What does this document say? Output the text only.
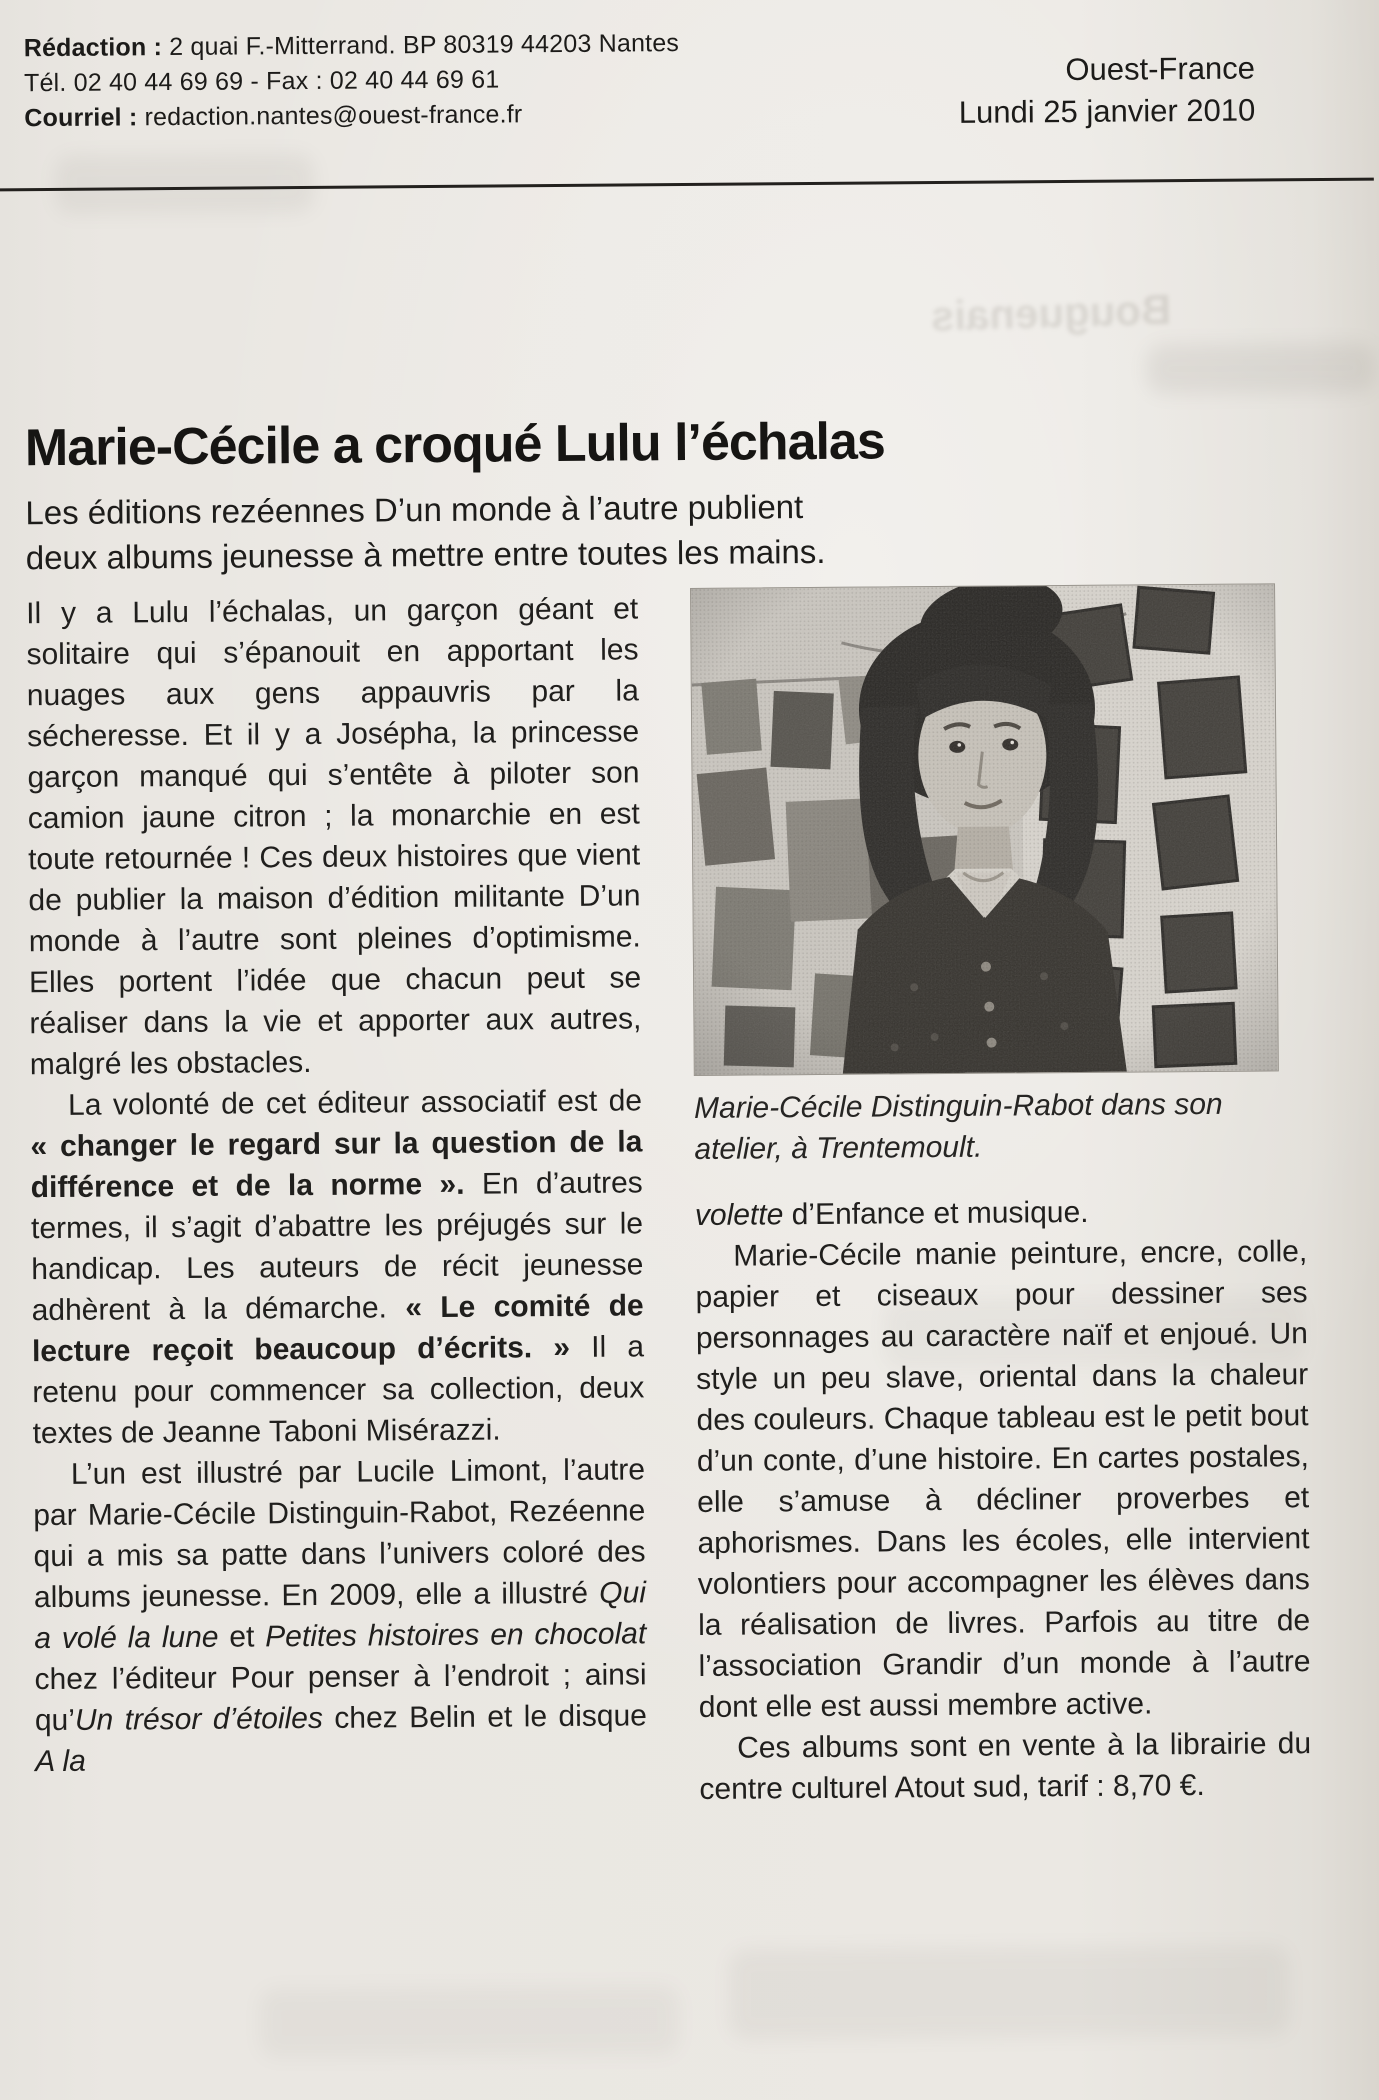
Bouguenais
Rédaction : 2 quai F.-Mitterrand. BP 80319 44203 Nantes
Tél. 02 40 44 69 69 - Fax : 02 40 44 69 61
Courriel : redaction.nantes@ouest-france.fr
Ouest-France
Lundi 25 janvier 2010
Marie-Cécile a croqué Lulu l’échalas

Les éditions rezéennes D’un monde à l’autre publient deux albums jeunesse à mettre entre toutes les mains.

Il y a Lulu l’échalas, un garçon géant et solitaire qui s’épanouit en apportant les nuages aux gens appauvris par la sécheresse. Et il y a Josépha, la princesse garçon manqué qui s’entête à piloter son camion jaune citron ; la monarchie en est toute retournée ! Ces deux histoires que vient de publier la maison d’édition militante D’un monde à l’autre sont pleines d’optimisme. Elles portent l’idée que chacun peut se réaliser dans la vie et apporter aux autres, malgré les obstacles.

La volonté de cet éditeur associatif est de « changer le regard sur la question de la différence et de la norme ». En d’autres termes, il s’agit d’abattre les préjugés sur le handicap. Les auteurs de récit jeunesse adhèrent à la démarche. « Le comité de lecture reçoit beaucoup d’écrits. » Il a retenu pour commencer sa collection, deux textes de Jeanne Taboni Misérazzi.

L’un est illustré par Lucile Limont, l’autre par Marie-Cécile Distinguin-Rabot, Rezéenne qui a mis sa patte dans l’univers coloré des albums jeunesse. En 2009, elle a illustré Qui a volé la lune et Petites histoires en chocolat chez l’éditeur Pour penser à l’endroit ; ainsi qu’Un trésor d’étoiles chez Belin et le disque A la

Marie-Cécile Distinguin-Rabot dans son atelier, à Trentemoult.

volette d’Enfance et musique.

Marie-Cécile manie peinture, encre, colle, papier et ciseaux pour dessiner ses personnages au caractère naïf et enjoué. Un style un peu slave, oriental dans la chaleur des couleurs. Chaque tableau est le petit bout d’un conte, d’une histoire. En cartes postales, elle s’amuse à décliner proverbes et aphorismes. Dans les écoles, elle intervient volontiers pour accompagner les élèves dans la réalisation de livres. Parfois au titre de l’association Grandir d’un monde à l’autre dont elle est aussi membre active.

Ces albums sont en vente à la librairie du centre culturel Atout sud, tarif : 8,70 €.
